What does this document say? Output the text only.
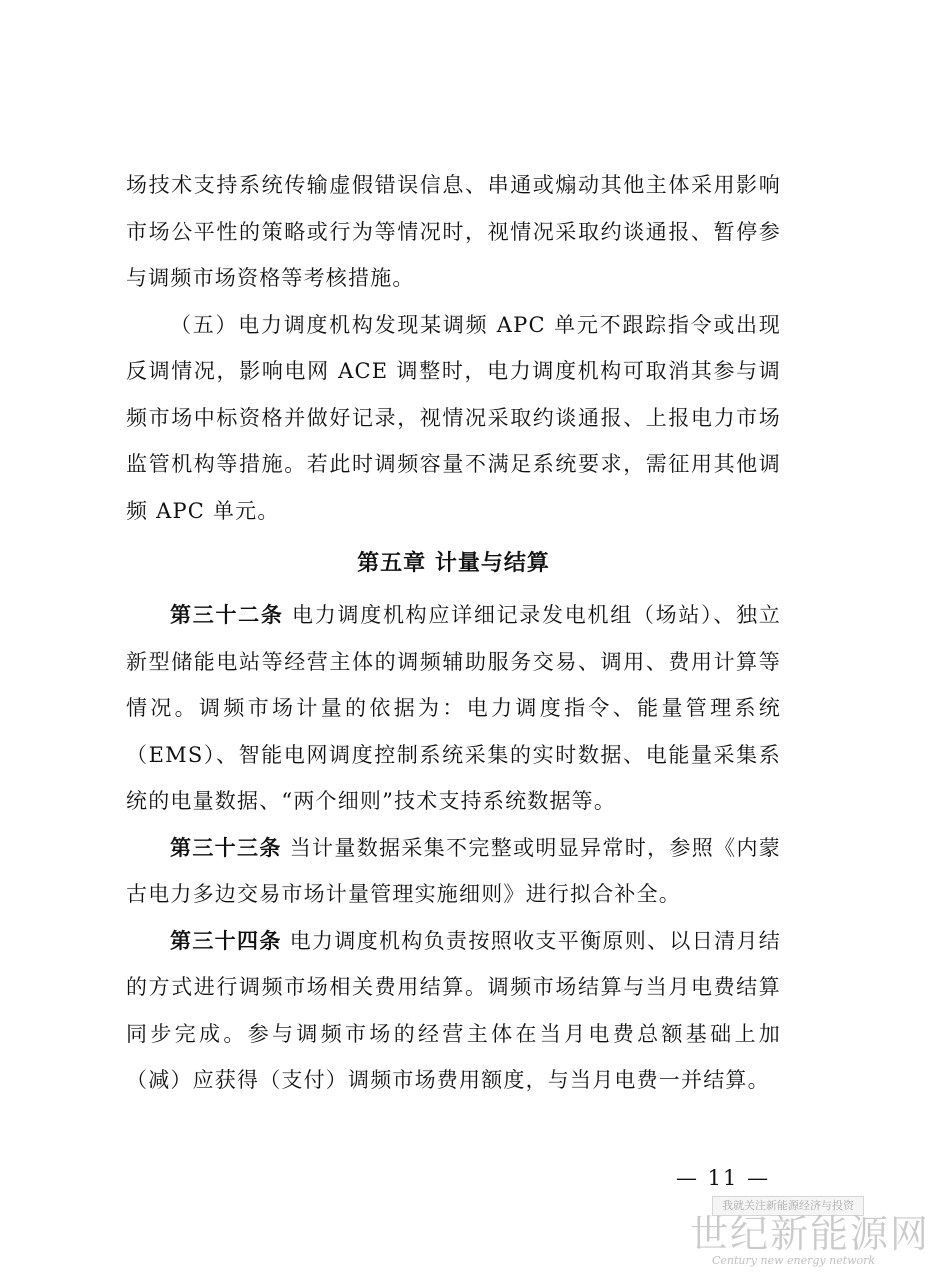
场技术支持系统传输虚假错误信息、串通或煽动其他主体采用影响市场公平性的策略或行为等情况时，视情况采取约谈通报、暂停参与调频市场资格等考核措施。

（五）电力调度机构发现某调频 APC 单元不跟踪指令或出现反调情况，影响电网 ACE 调整时，电力调度机构可取消其参与调频市场中标资格并做好记录，视情况采取约谈通报、上报电力市场监管机构等措施。若此时调频容量不满足系统要求，需征用其他调频 APC 单元。

第五章 计量与结算

第三十二条 电力调度机构应详细记录发电机组（场站）、独立新型储能电站等经营主体的调频辅助服务交易、调用、费用计算等情况。调频市场计量的依据为：电力调度指令、能量管理系统（EMS）、智能电网调度控制系统采集的实时数据、电能量采集系统的电量数据、“两个细则”技术支持系统数据等。

第三十三条 当计量数据采集不完整或明显异常时，参照《内蒙古电力多边交易市场计量管理实施细则》进行拟合补全。

第三十四条 电力调度机构负责按照收支平衡原则、以日清月结的方式进行调频市场相关费用结算。调频市场结算与当月电费结算同步完成。参与调频市场的经营主体在当月电费总额基础上加（减）应获得（支付）调频市场费用额度，与当月电费一并结算。

— 11 —
我就关注新能源经济与投资
世纪新能源网
Century new energy network
